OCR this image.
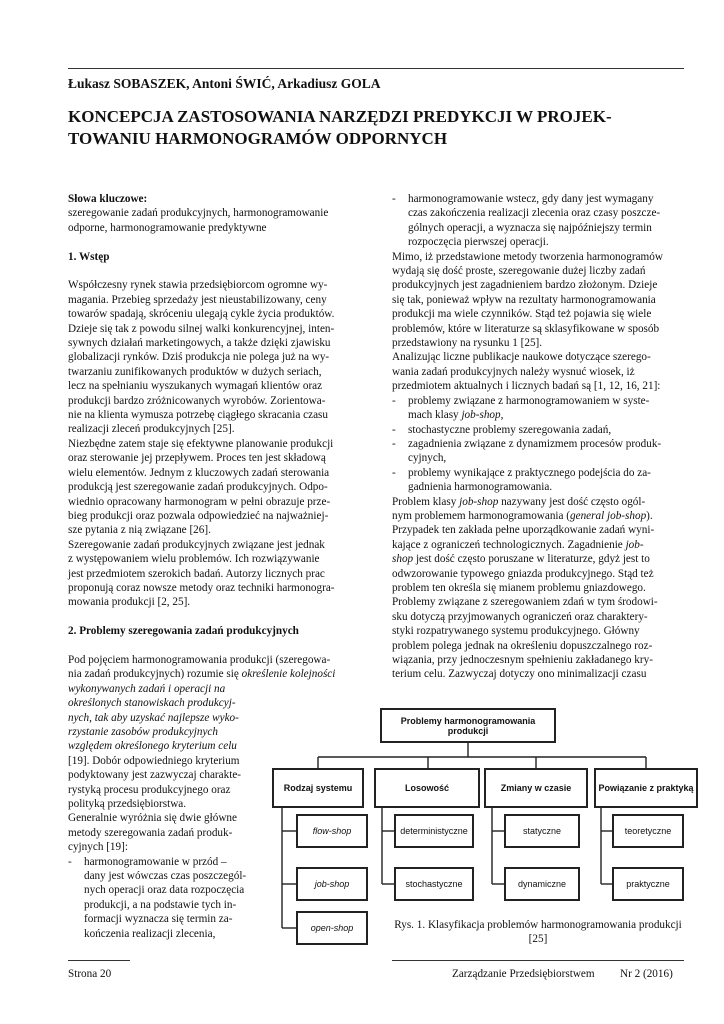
Łukasz SOBASZEK, Antoni ŚWIĆ, Arkadiusz GOLA
KONCEPCJA ZASTOSOWANIA NARZĘDZI PREDYKCJI W PROJEK-
TOWANIU HARMONOGRAMÓW ODPORNYCH

Słowa kluczowe:

szeregowanie zadań produkcyjnych, harmonogramowanie

odporne, harmonogramowanie predyktywne

1. Wstęp

Współczesny rynek stawia przedsiębiorcom ogromne wy-

magania. Przebieg sprzedaży jest nieustabilizowany, ceny

towarów spadają, skróceniu ulegają cykle życia produktów.

Dzieje się tak z powodu silnej walki konkurencyjnej, inten-

sywnych działań marketingowych, a także dzięki zjawisku

globalizacji rynków. Dziś produkcja nie polega już na wy-

twarzaniu zunifikowanych produktów w dużych seriach,

lecz na spełnianiu wyszukanych wymagań klientów oraz

produkcji bardzo zróżnicowanych wyrobów. Zorientowa-

nie na klienta wymusza potrzebę ciągłego skracania czasu

realizacji zleceń produkcyjnych [25].

Niezbędne zatem staje się efektywne planowanie produkcji

oraz sterowanie jej przepływem. Proces ten jest składową

wielu elementów. Jednym z kluczowych zadań sterowania

produkcją jest szeregowanie zadań produkcyjnych. Odpo-

wiednio opracowany harmonogram w pełni obrazuje prze-

bieg produkcji oraz pozwala odpowiedzieć na najważniej-

sze pytania z nią związane [26].

Szeregowanie zadań produkcyjnych związane jest jednak

z występowaniem wielu problemów. Ich rozwiązywanie

jest przedmiotem szerokich badań. Autorzy licznych prac

proponują coraz nowsze metody oraz techniki harmonogra-

mowania produkcji [2, 25].

2. Problemy szeregowania zadań produkcyjnych

Pod pojęciem harmonogramowania produkcji (szeregowa-

nia zadań produkcyjnych) rozumie się określenie kolejności

wykonywanych zadań i operacji na

określonych stanowiskach produkcyj-

nych, tak aby uzyskać najlepsze wyko-

rzystanie zasobów produkcyjnych

względem określonego kryterium celu

[19]. Dobór odpowiedniego kryterium

podyktowany jest zazwyczaj charakte-

rystyką procesu produkcyjnego oraz

polityką przedsiębiorstwa.

Generalnie wyróżnia się dwie główne

metody szeregowania zadań produk-

cyjnych [19]:

- harmonogramowanie w przód –

dany jest wówczas czas poszczegól-

nych operacji oraz data rozpoczęcia

produkcji, a na podstawie tych in-

formacji wyznacza się termin za-

kończenia realizacji zlecenia,

- harmonogramowanie wstecz, gdy dany jest wymagany

czas zakończenia realizacji zlecenia oraz czasy poszcze-

gólnych operacji, a wyznacza się najpóźniejszy termin

rozpoczęcia pierwszej operacji.

Mimo, iż przedstawione metody tworzenia harmonogramów

wydają się dość proste, szeregowanie dużej liczby zadań

produkcyjnych jest zagadnieniem bardzo złożonym. Dzieje

się tak, ponieważ wpływ na rezultaty harmonogramowania

produkcji ma wiele czynników. Stąd też pojawia się wiele

problemów, które w literaturze są sklasyfikowane w sposób

przedstawiony na rysunku 1 [25].

Analizując liczne publikacje naukowe dotyczące szerego-

wania zadań produkcyjnych należy wysnuć wiosek, iż

przedmiotem aktualnych i licznych badań są [1, 12, 16, 21]:

- problemy związane z harmonogramowaniem w syste-

mach klasy job-shop,

- stochastyczne problemy szeregowania zadań,

- zagadnienia związane z dynamizmem procesów produk-

cyjnych,

- problemy wynikające z praktycznego podejścia do za-

gadnienia harmonogramowania.

Problem klasy job-shop nazywany jest dość często ogól-

nym problemem harmonogramowania (general job-shop).

Przypadek ten zakłada pełne uporządkowanie zadań wyni-

kające z ograniczeń technologicznych. Zagadnienie job-

shop jest dość często poruszane w literaturze, gdyż jest to

odwzorowanie typowego gniazda produkcyjnego. Stąd też

problem ten określa się mianem problemu gniazdowego.

Problemy związane z szeregowaniem zdań w tym środowi-

sku dotyczą przyjmowanych ograniczeń oraz charaktery-

styki rozpatrywanego systemu produkcyjnego. Główny

problem polega jednak na określeniu dopuszczalnego roz-

wiązania, przy jednoczesnym spełnieniu zakładanego kry-

terium celu. Zazwyczaj dotyczy ono minimalizacji czasu

Problemy harmonogramowania produkcji
Rodzaj systemu	Losowość	Zmiany w czasie	Powiązanie z praktyką
flow-shop
job-shop
open-shop
deterministyczne
stochastyczne
statyczne
dynamiczne
teoretyczne
praktyczne
Rys. 1. Klasyfikacja problemów harmonogramowania produkcji [25]
Strona 20	Zarządzanie Przedsiębiorstwem Nr 2 (2016)
